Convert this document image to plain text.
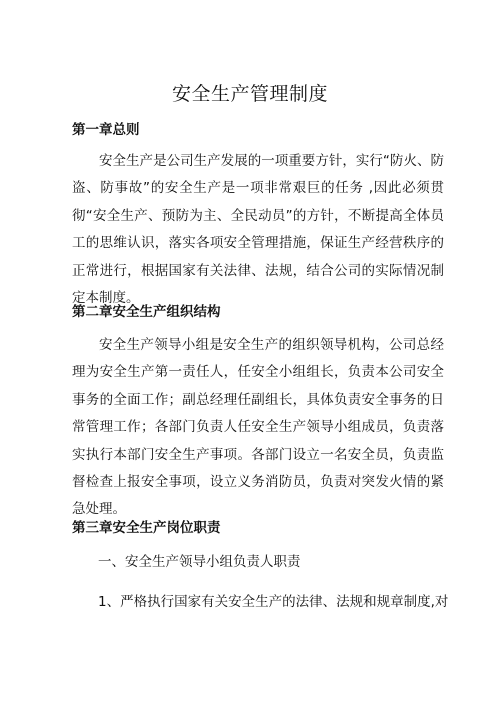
安全生产管理制度
第一章总则

安全生产是公司生产发展的一项重要方针，实行“防火、防盗、防事故”的安全生产是一项非常艰巨的任务 ,因此必须贯彻“安全生产、预防为主、全民动员”的方针，不断提高全体员工的思维认识，落实各项安全管理措施，保证生产经营秩序的正常进行，根据国家有关法律、法规，结合公司的实际情况制定本制度。

第二章安全生产组织结构

安全生产领导小组是安全生产的组织领导机构，公司总经理为安全生产第一责任人，任安全小组组长，负责本公司安全事务的全面工作；副总经理任副组长，具体负责安全事务的日常管理工作；各部门负责人任安全生产领导小组成员，负责落实执行本部门安全生产事项。各部门设立一名安全员，负责监督检查上报安全事项，设立义务消防员，负责对突发火情的紧急处理。

第三章安全生产岗位职责

一、安全生产领导小组负责人职责

1、严格执行国家有关安全生产的法律、法规和规章制度,对
